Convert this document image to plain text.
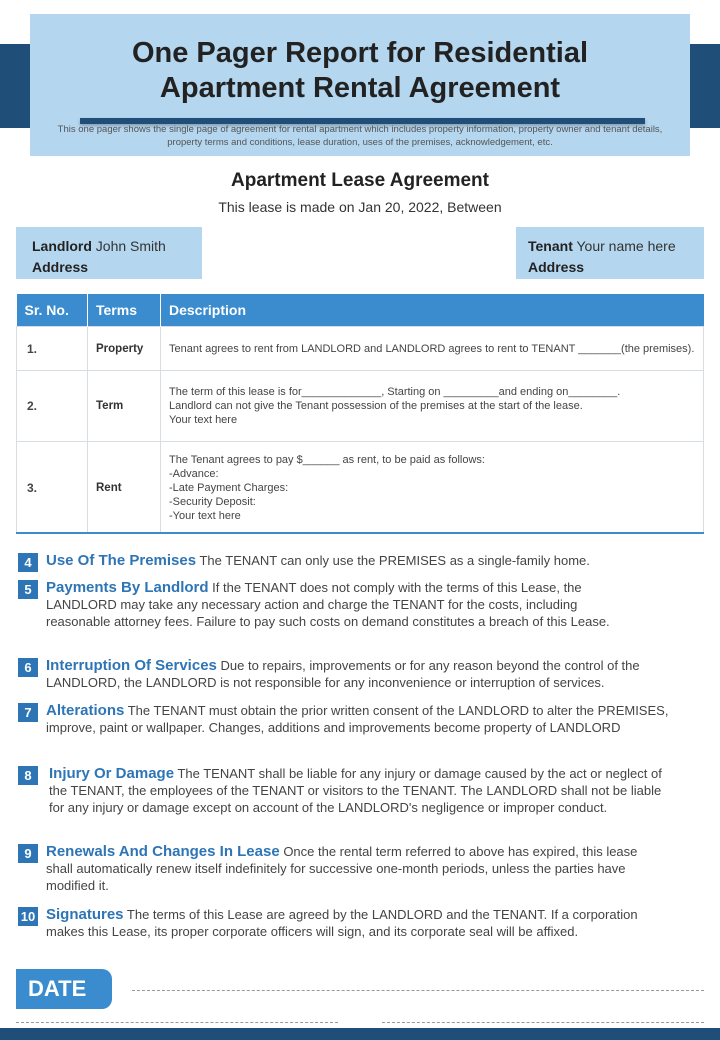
One Pager Report for Residential
Apartment Rental Agreement
This one pager shows the single page of agreement for rental apartment which includes property information, property owner and tenant details, property terms and conditions, lease duration, uses of the premises, acknowledgement, etc.
Apartment Lease Agreement
This lease is made on Jan 20, 2022, Between
Landlord John Smith
Address
Tenant Your name here
Address
Sr. No.	Terms	Description
1.	Property	Tenant agrees to rent from LANDLORD and LANDLORD agrees to rent to TENANT _______(the premises).

2.	Term	The term of this lease is for_____________, Starting on _________and ending on________.
Landlord can not give the Tenant possession of the premises at the start of the lease.
Your text here

3.	Rent	The Tenant agrees to pay $______ as rent, to be paid as follows:
-Advance:
-Late Payment Charges:
-Security Deposit:
-Your text here
4 Use Of The Premises The TENANT can only use the PREMISES as a single-family home.
5 Payments By Landlord If the TENANT does not comply with the terms of this Lease, the LANDLORD may take any necessary action and charge the TENANT for the costs, including reasonable attorney fees. Failure to pay such costs on demand constitutes a breach of this Lease.
6 Interruption Of Services Due to repairs, improvements or for any reason beyond the control of the LANDLORD, the LANDLORD is not responsible for any inconvenience or interruption of services.
7 Alterations The TENANT must obtain the prior written consent of the LANDLORD to alter the PREMISES, improve, paint or wallpaper. Changes, additions and improvements become property of LANDLORD
8	Injury Or Damage The TENANT shall be liable for any injury or damage caused by the act or neglect of the TENANT, the employees of the TENANT or visitors to the TENANT. The LANDLORD shall not be liable for any injury or damage except on account of the LANDLORD's negligence or improper conduct.
9 Renewals And Changes In Lease Once the rental term referred to above has expired, this lease shall automatically renew itself indefinitely for successive one-month periods, unless the parties have modified it.
10 Signatures The terms of this Lease are agreed by the LANDLORD and the TENANT. If a corporation makes this Lease, its proper corporate officers will sign, and its corporate seal will be affixed.
DATE
